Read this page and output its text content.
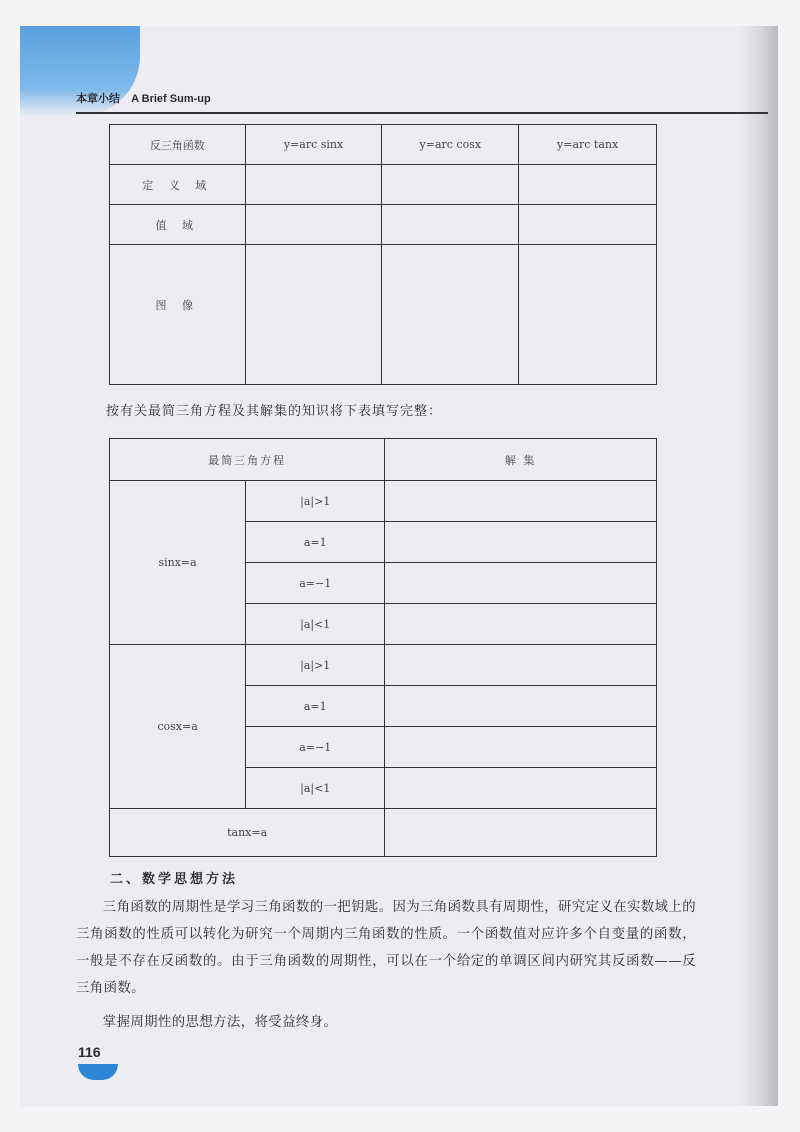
本章小结 A Brief Sum-up
反三角函数	y=arc sinx	y=arc cosx	y=arc tanx
定 义 域			
值 域			
图 像			
按有关最简三角方程及其解集的知识将下表填写完整：
最简三角方程		解 集
sinx=a	|a|>1	
	a=1	
	a=−1	
	|a|<1	
cosx=a	|a|>1	
	a=1	
	a=−1	
	|a|<1	
tanx=a		
二、数学思想方法

三角函数的周期性是学习三角函数的一把钥匙。因为三角函数具有周期性，研究定义在实数域上的三角函数的性质可以转化为研究一个周期内三角函数的性质。一个函数值对应许多个自变量的函数，一般是不存在反函数的。由于三角函数的周期性，可以在一个给定的单调区间内研究其反函数——反三角函数。

掌握周期性的思想方法，将受益终身。

116
